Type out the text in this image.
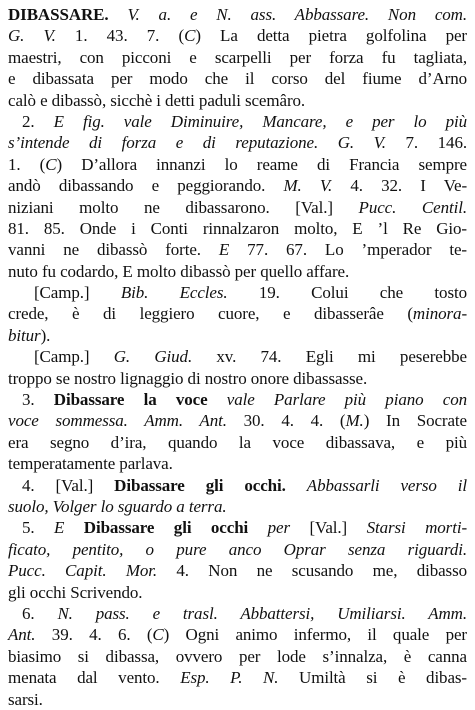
DIBASSARE. V. a. e N. ass. Abbassare. Non com.
G. V. 1. 43. 7. (C) La detta pietra golfolina per
maestri, con picconi e scarpelli per forza fu tagliata,
e dibassata per modo che il corso del fiume d’Arno
calò e dibassò, sicchè i detti paduli scemâro.
2. E fig. vale Diminuire, Mancare, e per lo più
s’intende di forza e di reputazione. G. V. 7. 146.
1. (C) D’allora innanzi lo reame di Francia sempre
andò dibassando e peggiorando. M. V. 4. 32. I Ve-
niziani molto ne dibassarono. [Val.] Pucc. Centil.
81. 85. Onde i Conti rinnalzaron molto, E ’l Re Gio-
vanni ne dibassò forte. E 77. 67. Lo ’mperador te-
nuto fu codardo, E molto dibassò per quello affare.
[Camp.] Bib. Eccles. 19. Colui che tosto
crede, è di leggiero cuore, e dibasserâe (minora-
bitur).
[Camp.] G. Giud. xv. 74. Egli mi peserebbe
troppo se nostro lignaggio di nostro onore dibassasse.
3. Dibassare la voce vale Parlare più piano con
voce sommessa. Amm. Ant. 30. 4. 4. (M.) In Socrate
era segno d’ira, quando la voce dibassava, e più
temperatamente parlava.
4. [Val.] Dibassare gli occhi. Abbassarli verso il
suolo, Volger lo sguardo a terra.
5. E Dibassare gli occhi per [Val.] Starsi morti-
ficato, pentito, o pure anco Oprar senza riguardi.
Pucc. Capit. Mor. 4. Non ne scusando me, dibasso
gli occhi Scrivendo.
6. N. pass. e trasl. Abbattersi, Umiliarsi. Amm.
Ant. 39. 4. 6. (C) Ogni animo infermo, il quale per
biasimo si dibassa, ovvero per lode s’innalza, è canna
menata dal vento. Esp. P. N. Umiltà si è dibas-
sarsi.
